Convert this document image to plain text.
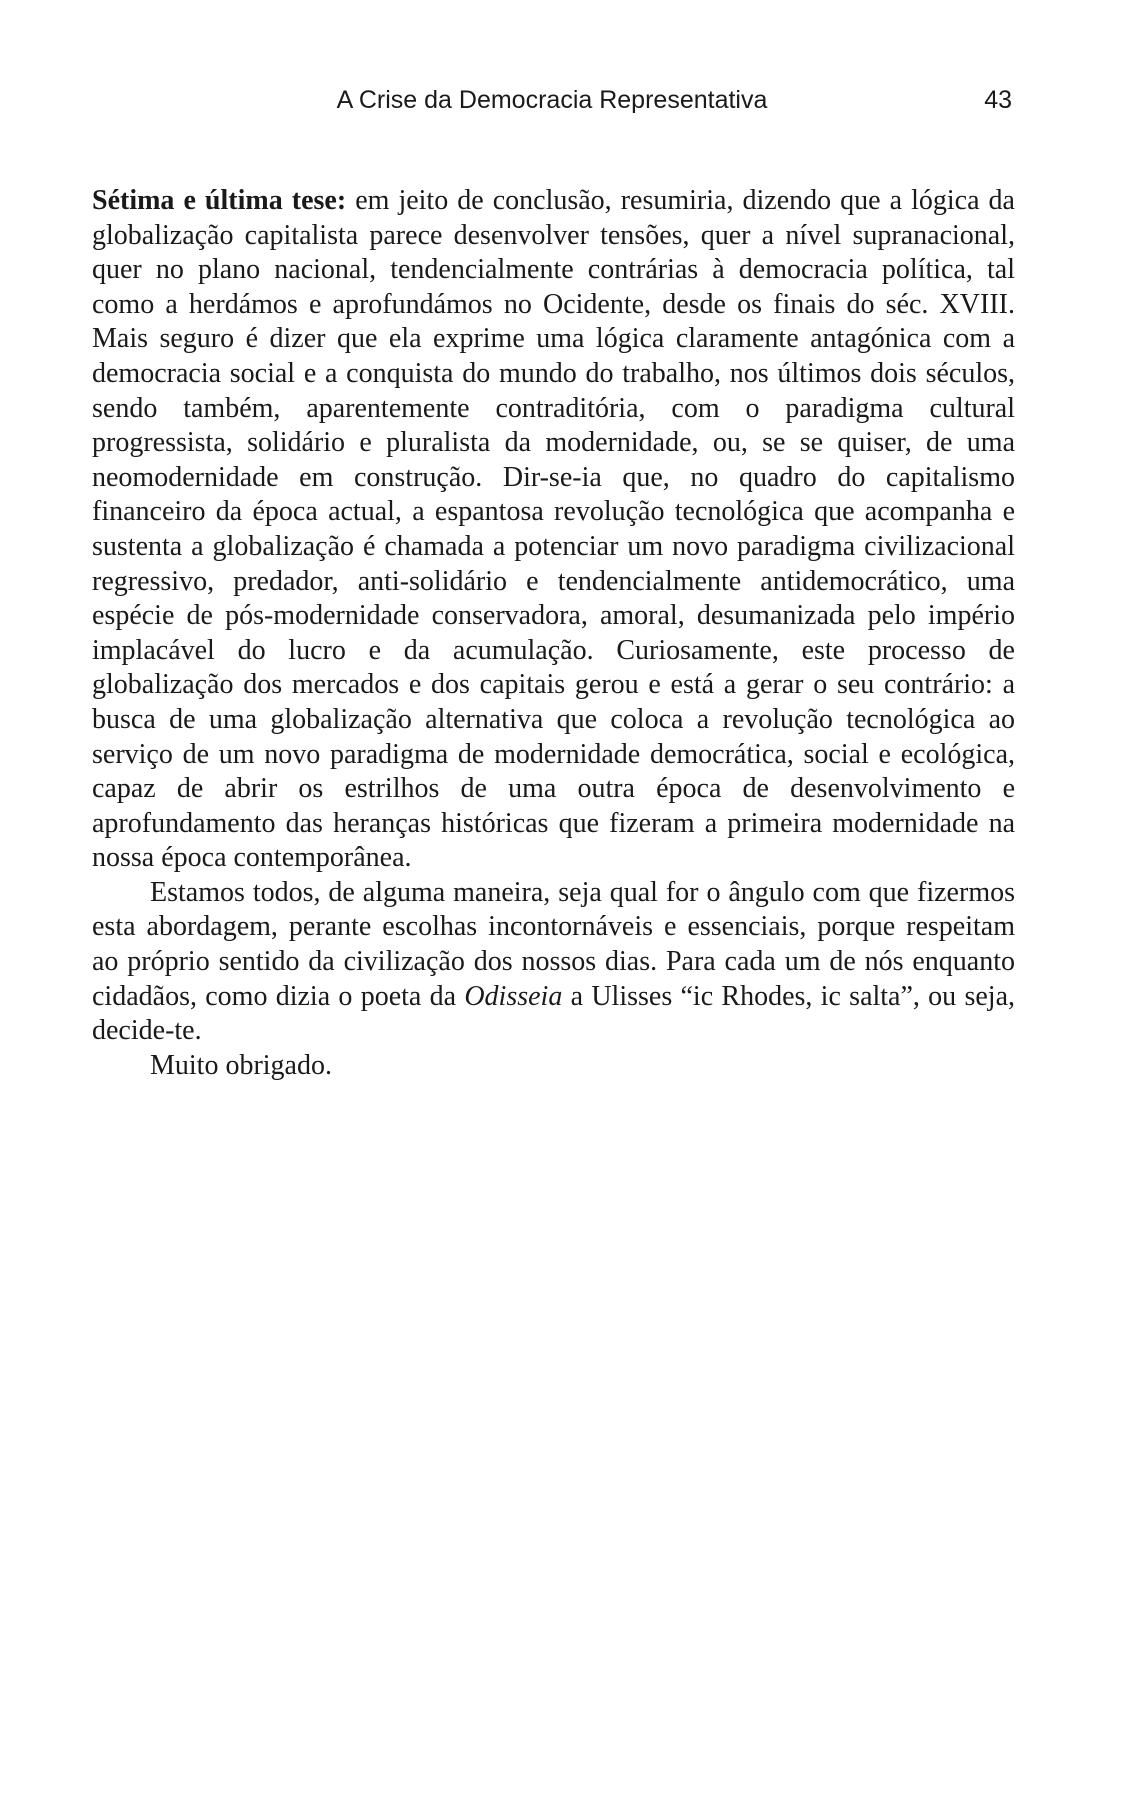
A Crise da Democracia Representativa	43

Sétima e última tese: em jeito de conclusão, resumiria, dizendo que a lógica da globalização capitalista parece desenvolver tensões, quer a nível supranacional, quer no plano nacional, tendencialmente contrárias à democracia política, tal como a herdámos e aprofundámos no Ocidente, desde os finais do séc. XVIII. Mais seguro é dizer que ela exprime uma lógica claramente antagónica com a democracia social e a conquista do mundo do trabalho, nos últimos dois séculos, sendo também, aparentemente contraditória, com o paradigma cultural progressista, solidário e pluralista da modernidade, ou, se se quiser, de uma neomodernidade em construção. Dir-se-ia que, no quadro do capitalismo financeiro da época actual, a espantosa revolução tecnológica que acompanha e sustenta a globalização é chamada a potenciar um novo paradigma civilizacional regressivo, predador, anti-solidário e tendencialmente antidemocrático, uma espécie de pós-modernidade conservadora, amoral, desumanizada pelo império implacável do lucro e da acumulação. Curiosamente, este processo de globalização dos mercados e dos capitais gerou e está a gerar o seu contrário: a busca de uma globalização alternativa que coloca a revolução tecnológica ao serviço de um novo paradigma de modernidade democrática, social e ecológica, capaz de abrir os estrilhos de uma outra época de desenvolvimento e aprofundamento das heranças históricas que fizeram a primeira modernidade na nossa época contemporânea.

Estamos todos, de alguma maneira, seja qual for o ângulo com que fizermos esta abordagem, perante escolhas incontornáveis e essenciais, porque respeitam ao próprio sentido da civilização dos nossos dias. Para cada um de nós enquanto cidadãos, como dizia o poeta da Odisseia a Ulisses “ic Rhodes, ic salta”, ou seja, decide-te.

Muito obrigado.
